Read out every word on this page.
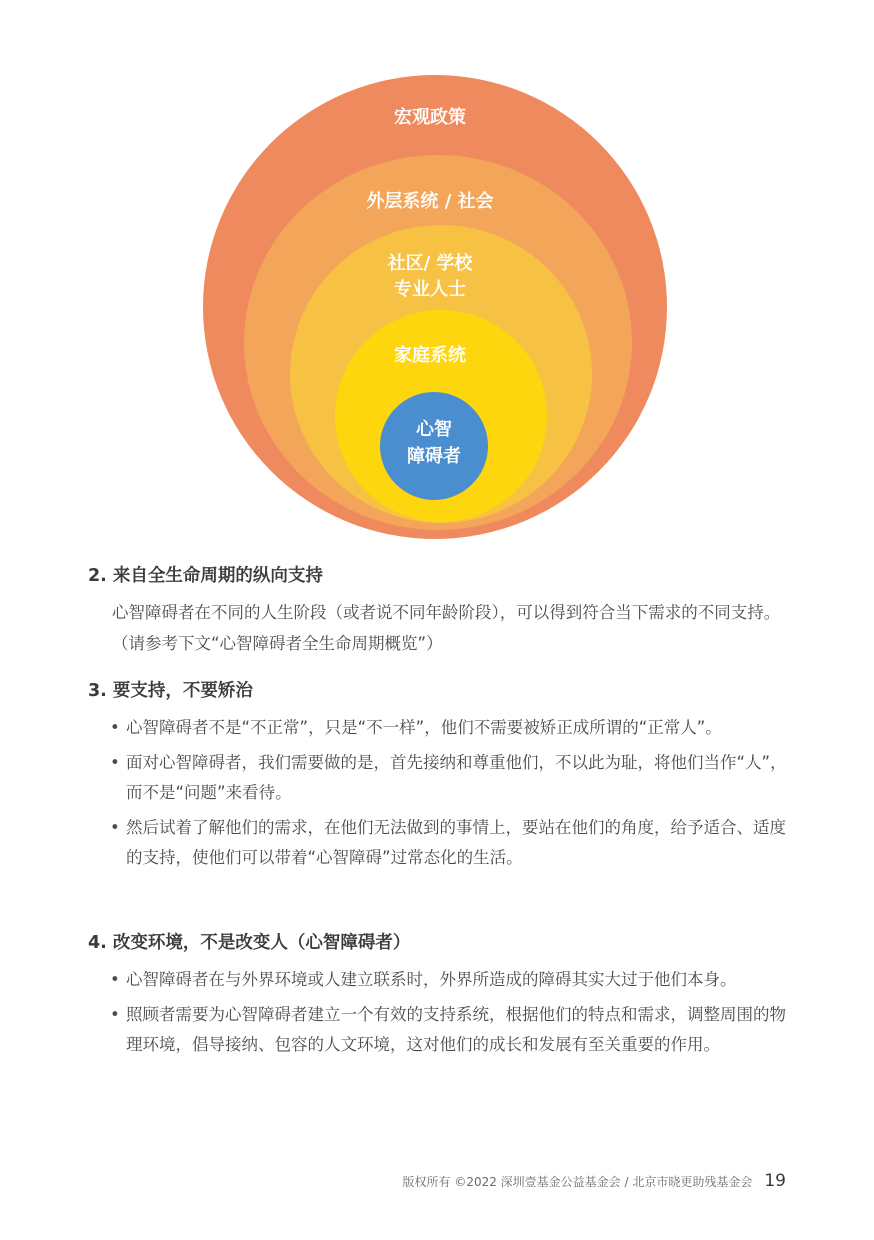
宏观政策
外层系统 / 社会
社区/ 学校
专业人士
家庭系统
心智
障碍者
2. 来自全生命周期的纵向支持

心智障碍者在不同的人生阶段（或者说不同年龄阶段），可以得到符合当下需求的不同支持。（请参考下文“心智障碍者全生命周期概览”）

3. 要支持，不要矫治
• 心智障碍者不是“不正常”，只是“不一样”，他们不需要被矫正成所谓的“正常人”。
• 面对心智障碍者，我们需要做的是，首先接纳和尊重他们，不以此为耻，将他们当作“人”，而不是“问题”来看待。
• 然后试着了解他们的需求，在他们无法做到的事情上，要站在他们的角度，给予适合、适度的支持，使他们可以带着“心智障碍”过常态化的生活。
4. 改变环境，不是改变人（心智障碍者）
• 心智障碍者在与外界环境或人建立联系时，外界所造成的障碍其实大过于他们本身。
• 照顾者需要为心智障碍者建立一个有效的支持系统，根据他们的特点和需求，调整周围的物理环境，倡导接纳、包容的人文环境，这对他们的成长和发展有至关重要的作用。
版权所有 ©2022 深圳壹基金公益基金会 / 北京市晓更助残基金会 19
